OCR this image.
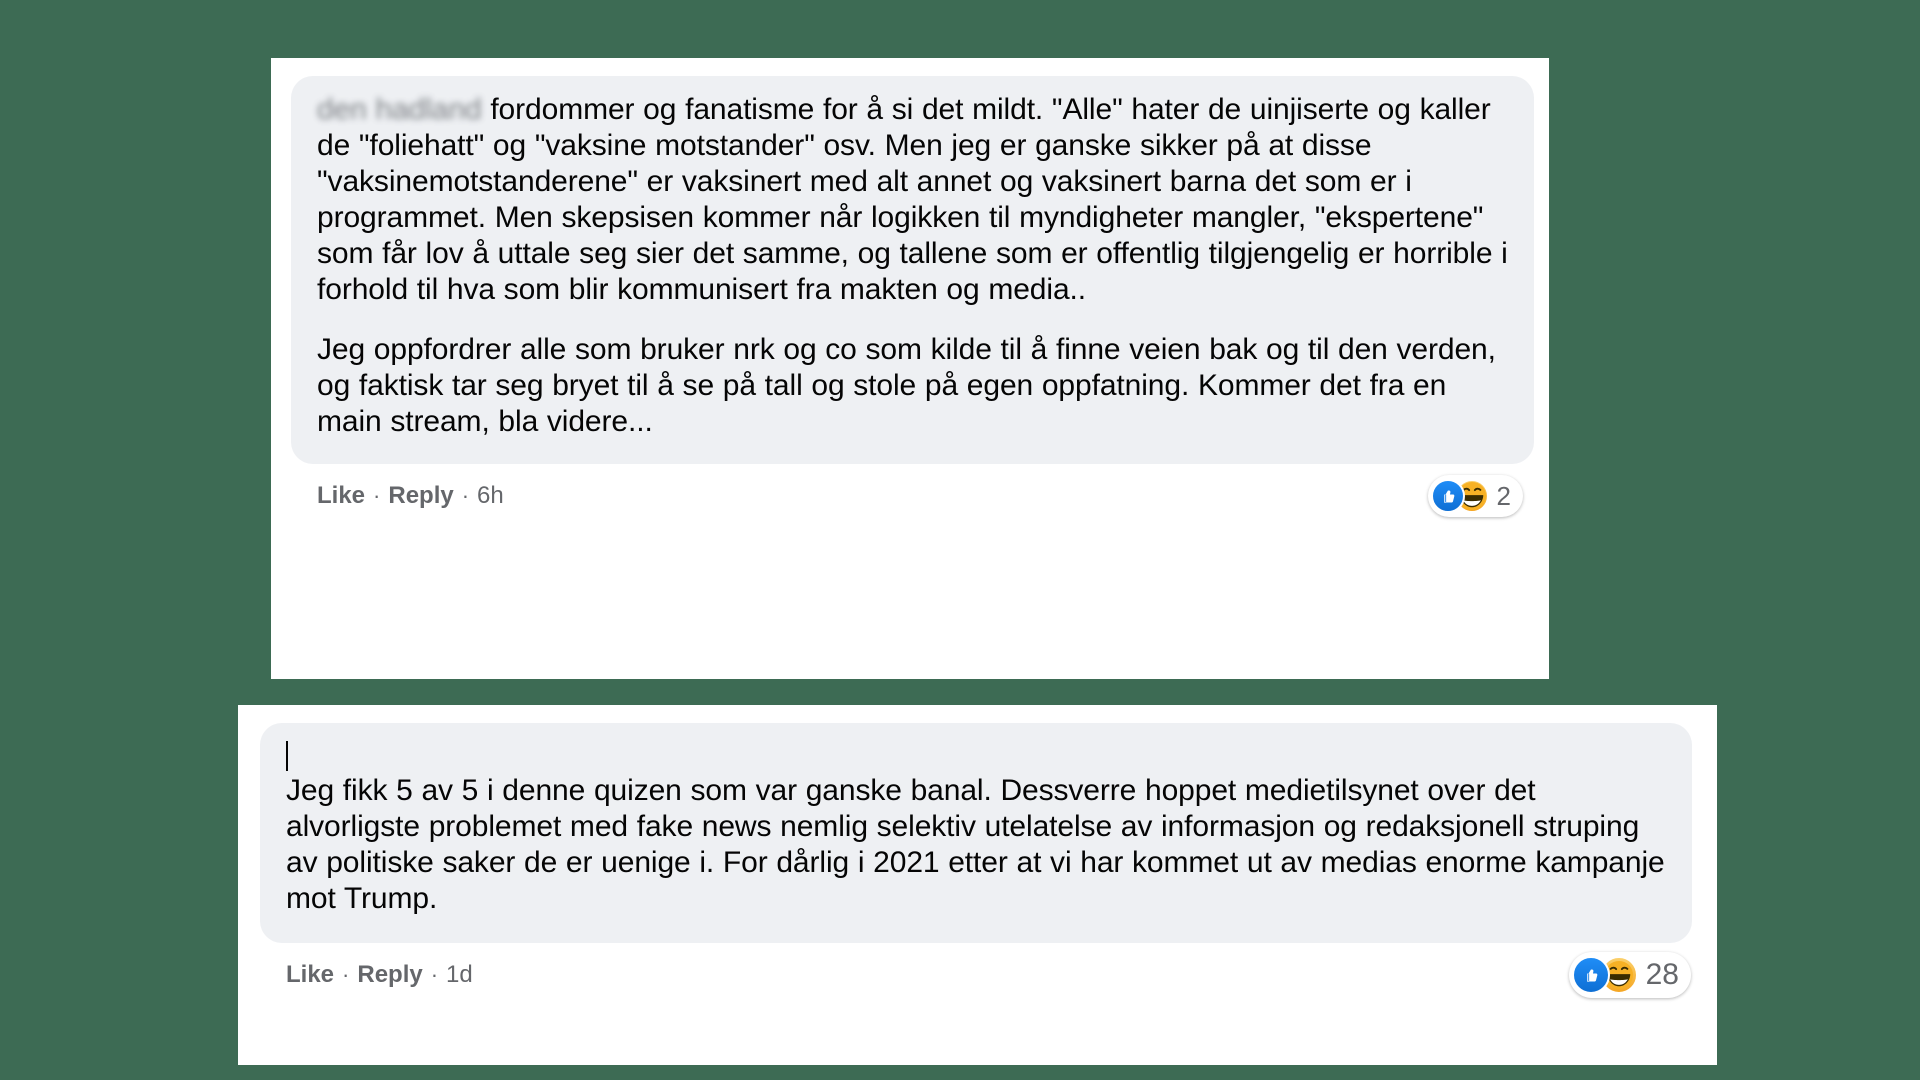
den hadland fordommer og fanatisme for å si det mildt. "Alle" hater de uinjiserte og kaller de "foliehatt" og "vaksine motstander" osv. Men jeg er ganske sikker på at disse "vaksinemotstanderene" er vaksinert med alt annet og vaksinert barna det som er i programmet. Men skepsisen kommer når logikken til myndigheter mangler, "ekspertene" som får lov å uttale seg sier det samme, og tallene som er offentlig tilgjengelig er horrible i forhold til hva som blir kommunisert fra makten og media..

Jeg oppfordrer alle som bruker nrk og co som kilde til å finne veien bak og til den verden, og faktisk tar seg bryet til å se på tall og stole på egen oppfatning. Kommer det fra en main stream, bla videre...

Like · Reply · 6h	2

Jeg fikk 5 av 5 i denne quizen som var ganske banal. Dessverre hoppet medietilsynet over det alvorligste problemet med fake news nemlig selektiv utelatelse av informasjon og redaksjonell struping av politiske saker de er uenige i. For dårlig i 2021 etter at vi har kommet ut av medias enorme kampanje mot Trump.

Like · Reply · 1d	28
